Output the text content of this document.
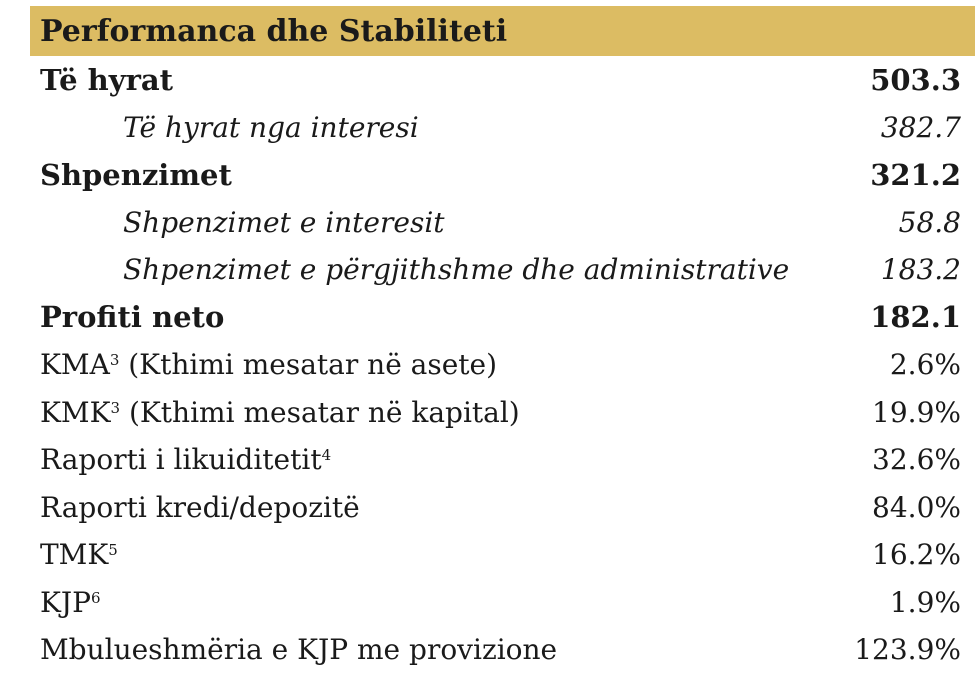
Performanca dhe Stabiliteti
Të hyrat	503.3
Të hyrat nga interesi	382.7
Shpenzimet	321.2
Shpenzimet e interesit	58.8
Shpenzimet e përgjithshme dhe administrative	183.2
Profiti neto	182.1
KMA$^3$ (Kthimi mesatar në asete)	2.6%
KMK$^3$ (Kthimi mesatar në kapital)	19.9%
Raporti i likuiditetit$^4$	32.6%
Raporti kredi/depozitë	84.0%
TMK$^5$	16.2%
KJP$^6$	1.9%
Mbulueshmëria e KJP me provizione	123.9%
